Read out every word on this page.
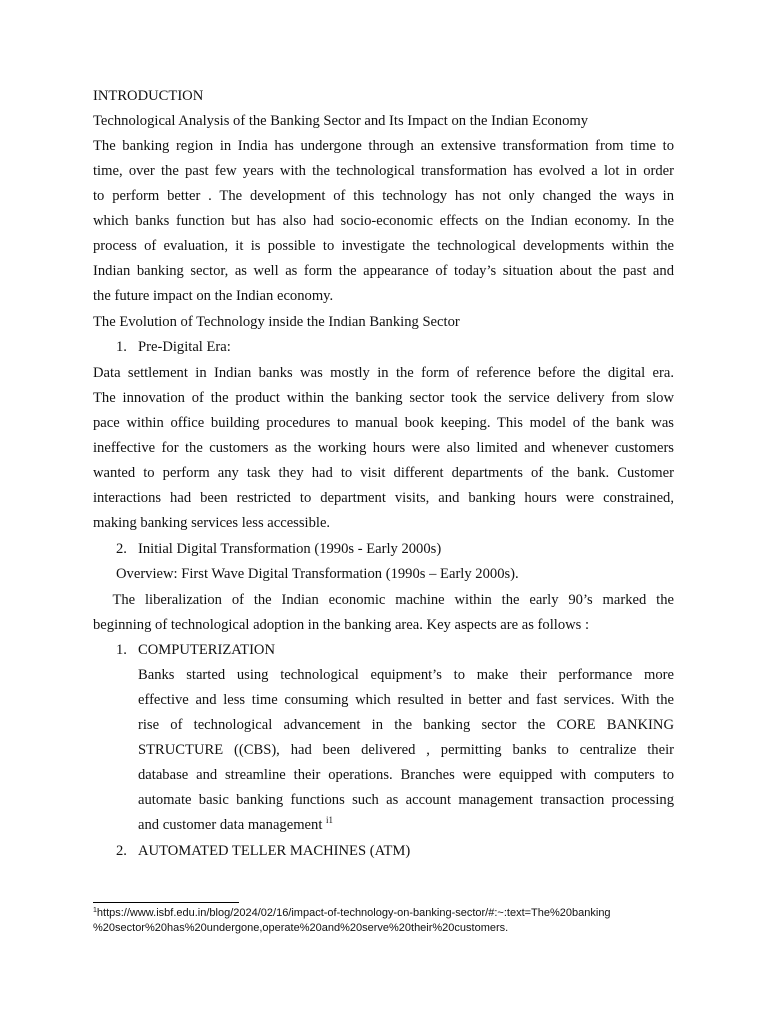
INTRODUCTION
Technological Analysis of the Banking Sector and Its Impact on the Indian Economy
The banking region in India has undergone through an extensive transformation from time to
time, over the past few years with the technological transformation has evolved a lot in order
to perform better . The development of this technology has not only changed the ways in
which banks function but has also had socio-economic effects on the Indian economy. In the
process of evaluation, it is possible to investigate the technological developments within the
Indian banking sector, as well as form the appearance of today’s situation about the past and
the future impact on the Indian economy.
The Evolution of Technology inside the Indian Banking Sector
1. Pre-Digital Era:
Data settlement in Indian banks was mostly in the form of reference before the digital era.
The innovation of the product within the banking sector took the service delivery from slow
pace within office building procedures to manual book keeping. This model of the bank was
ineffective for the customers as the working hours were also limited and whenever customers
wanted to perform any task they had to visit different departments of the bank. Customer
interactions had been restricted to department visits, and banking hours were constrained,
making banking services less accessible.
2. Initial Digital Transformation (1990s - Early 2000s)
Overview: First Wave Digital Transformation (1990s – Early 2000s).
The liberalization of the Indian economic machine within the early 90’s marked the
beginning of technological adoption in the banking area. Key aspects are as follows :
1. COMPUTERIZATION
Banks started using technological equipment’s to make their performance more
effective and less time consuming which resulted in better and fast services. With the
rise of technological advancement in the banking sector the CORE BANKING
STRUCTURE ((CBS), had been delivered , permitting banks to centralize their
database and streamline their operations. Branches were equipped with computers to
automate basic banking functions such as account management transaction processing
and customer data management $^{i1}$
2. AUTOMATED TELLER MACHINES (ATM)
$^1$https://www.isbf.edu.in/blog/2024/02/16/impact-of-technology-on-banking-sector/#:~:text=The%20banking
%20sector%20has%20undergone,operate%20and%20serve%20their%20customers.
